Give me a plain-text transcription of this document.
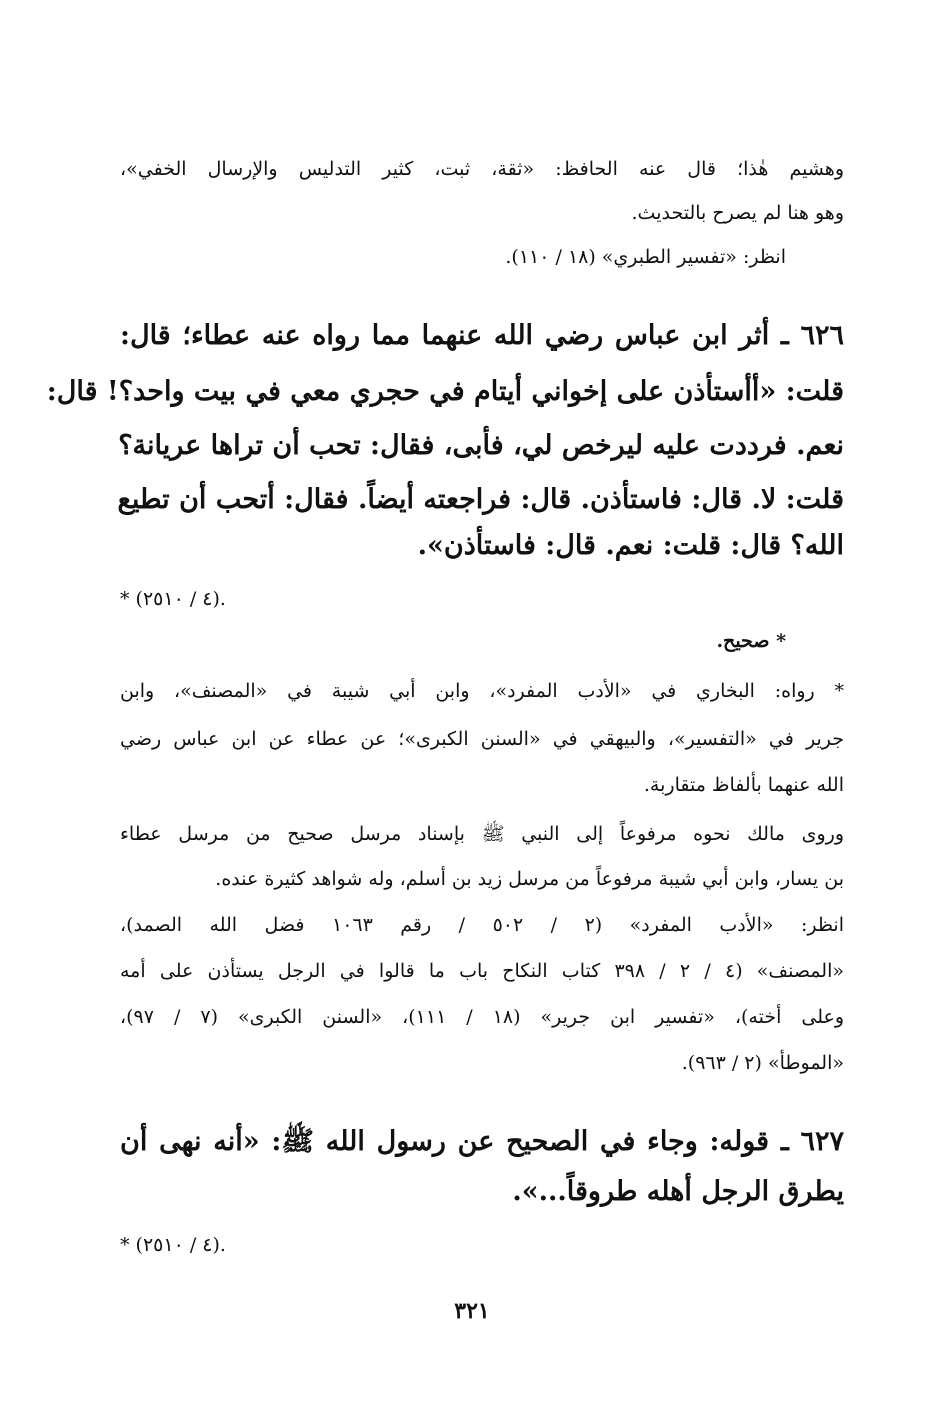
وهشيم هٰذا؛ قال عنه الحافظ: «ثقة، ثبت، كثير التدليس والإرسال الخفي»،
وهو هنا لم يصرح بالتحديث.
انظر: «تفسير الطبري» (١٨ / ١١٠).
٦٢٦ ـ أثر ابن عباس رضي الله عنهما مما رواه عنه عطاء؛ قال:
قلت: «أأستأذن على إخواني أيتام في حجري معي في بيت واحد؟! قال:
نعم. فرددت عليه ليرخص لي، فأبى، فقال: تحب أن تراها عريانة؟
قلت: لا. قال: فاستأذن. قال: فراجعته أيضاً. فقال: أتحب أن تطيع
الله؟ قال: قلت: نعم. قال: فاستأذن».
* (٤ / ٢٥١٠).
* صحيح.
* رواه: البخاري في «الأدب المفرد»، وابن أبي شيبة في «المصنف»، وابن
جرير في «التفسير»، والبيهقي في «السنن الكبرى»؛ عن عطاء عن ابن عباس رضي
الله عنهما بألفاظ متقاربة.
وروى مالك نحوه مرفوعاً إلى النبي ﷺ بإسناد مرسل صحيح من مرسل عطاء
بن يسار، وابن أبي شيبة مرفوعاً من مرسل زيد بن أسلم، وله شواهد كثيرة عنده.
انظر: «الأدب المفرد» (٢ / ٥٠٢ / رقم ١٠٦٣ فضل الله الصمد)،
«المصنف» (٤ / ٢ / ٣٩٨ كتاب النكاح باب ما قالوا في الرجل يستأذن على أمه
وعلى أخته)، «تفسير ابن جرير» (١٨ / ١١١)، «السنن الكبرى» (٧ / ٩٧)،
«الموطأ» (٢ / ٩٦٣).
٦٢٧ ـ قوله: وجاء في الصحيح عن رسول الله ﷺ: «أنه نهى أن
يطرق الرجل أهله طروقاً...».
* (٤ / ٢٥١٠).
٣٢١
